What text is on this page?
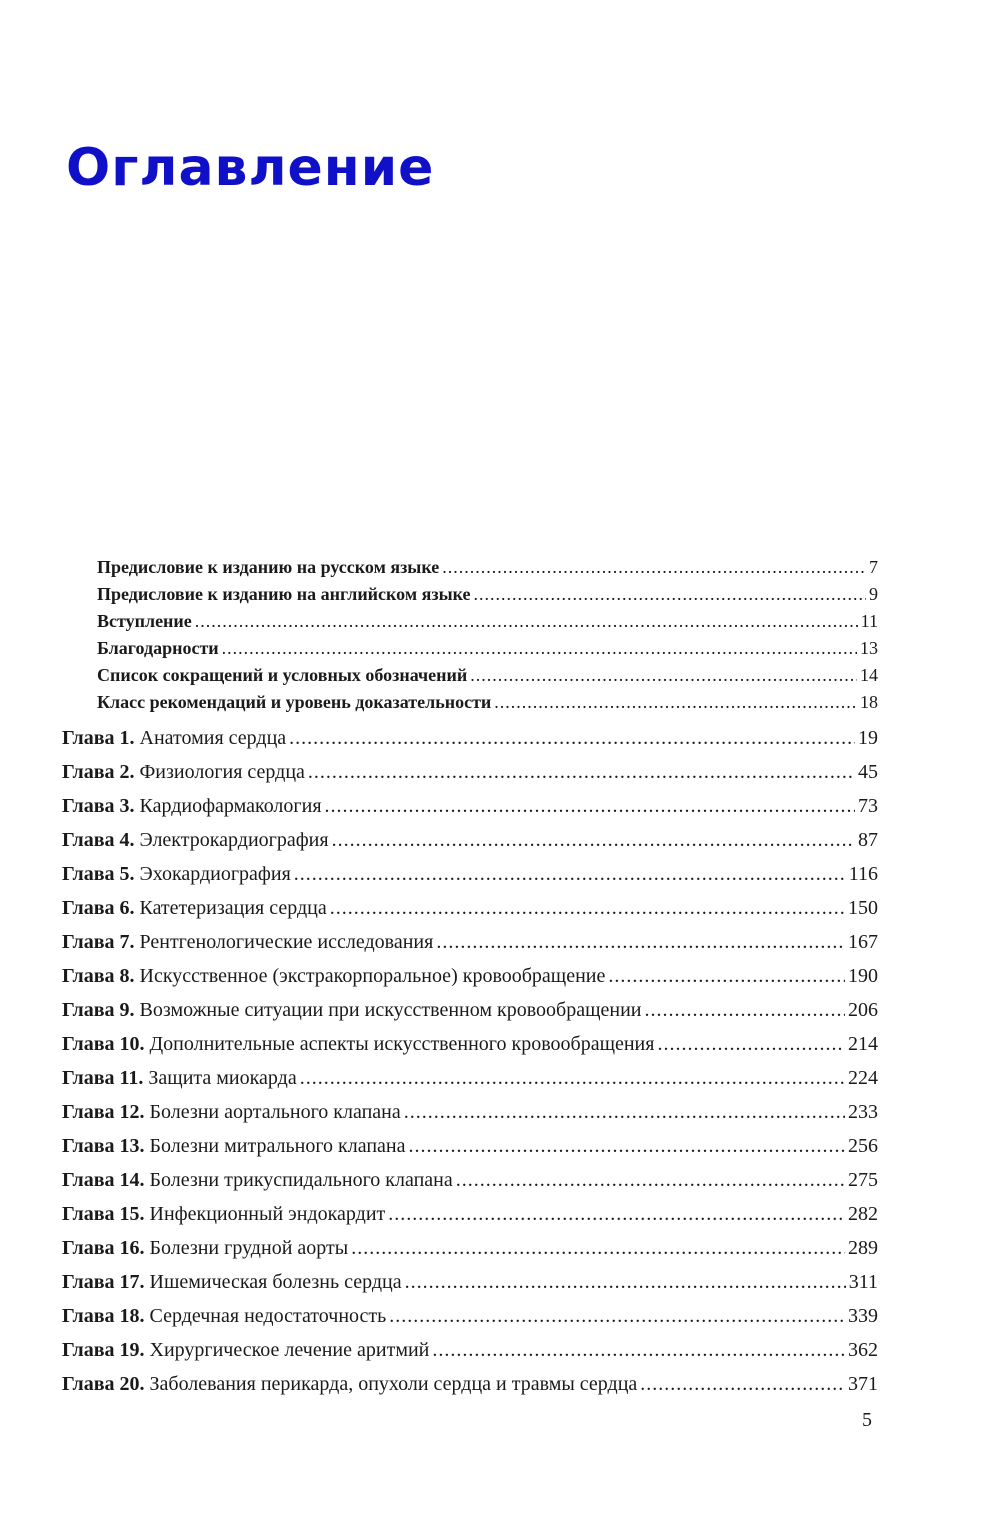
Оглавление
Предисловие к изданию на русском языке .....	7
Предисловие к изданию на английском языке .....	9
Вступление .....	11
Благодарности .....	13
Список сокращений и условных обозначений .....	14
Класс рекомендаций и уровень доказательности .....	18
Глава 1. Анатомия сердца .....	19
Глава 2. Физиология сердца .....	45
Глава 3. Кардиофармакология .....	73
Глава 4. Электрокардиография .....	87
Глава 5. Эхокардиография .....	116
Глава 6. Катетеризация сердца .....	150
Глава 7. Рентгенологические исследования .....	167
Глава 8. Искусственное (экстракорпоральное) кровообращение .....	190
Глава 9. Возможные ситуации при искусственном кровообращении .....	206
Глава 10. Дополнительные аспекты искусственного кровообращения .....	214
Глава 11. Защита миокарда .....	224
Глава 12. Болезни аортального клапана .....	233
Глава 13. Болезни митрального клапана .....	256
Глава 14. Болезни трикуспидального клапана .....	275
Глава 15. Инфекционный эндокардит .....	282
Глава 16. Болезни грудной аорты .....	289
Глава 17. Ишемическая болезнь сердца .....	311
Глава 18. Сердечная недостаточность .....	339
Глава 19. Хирургическое лечение аритмий .....	362
Глава 20. Заболевания перикарда, опухоли сердца и травмы сердца .....	371
5
